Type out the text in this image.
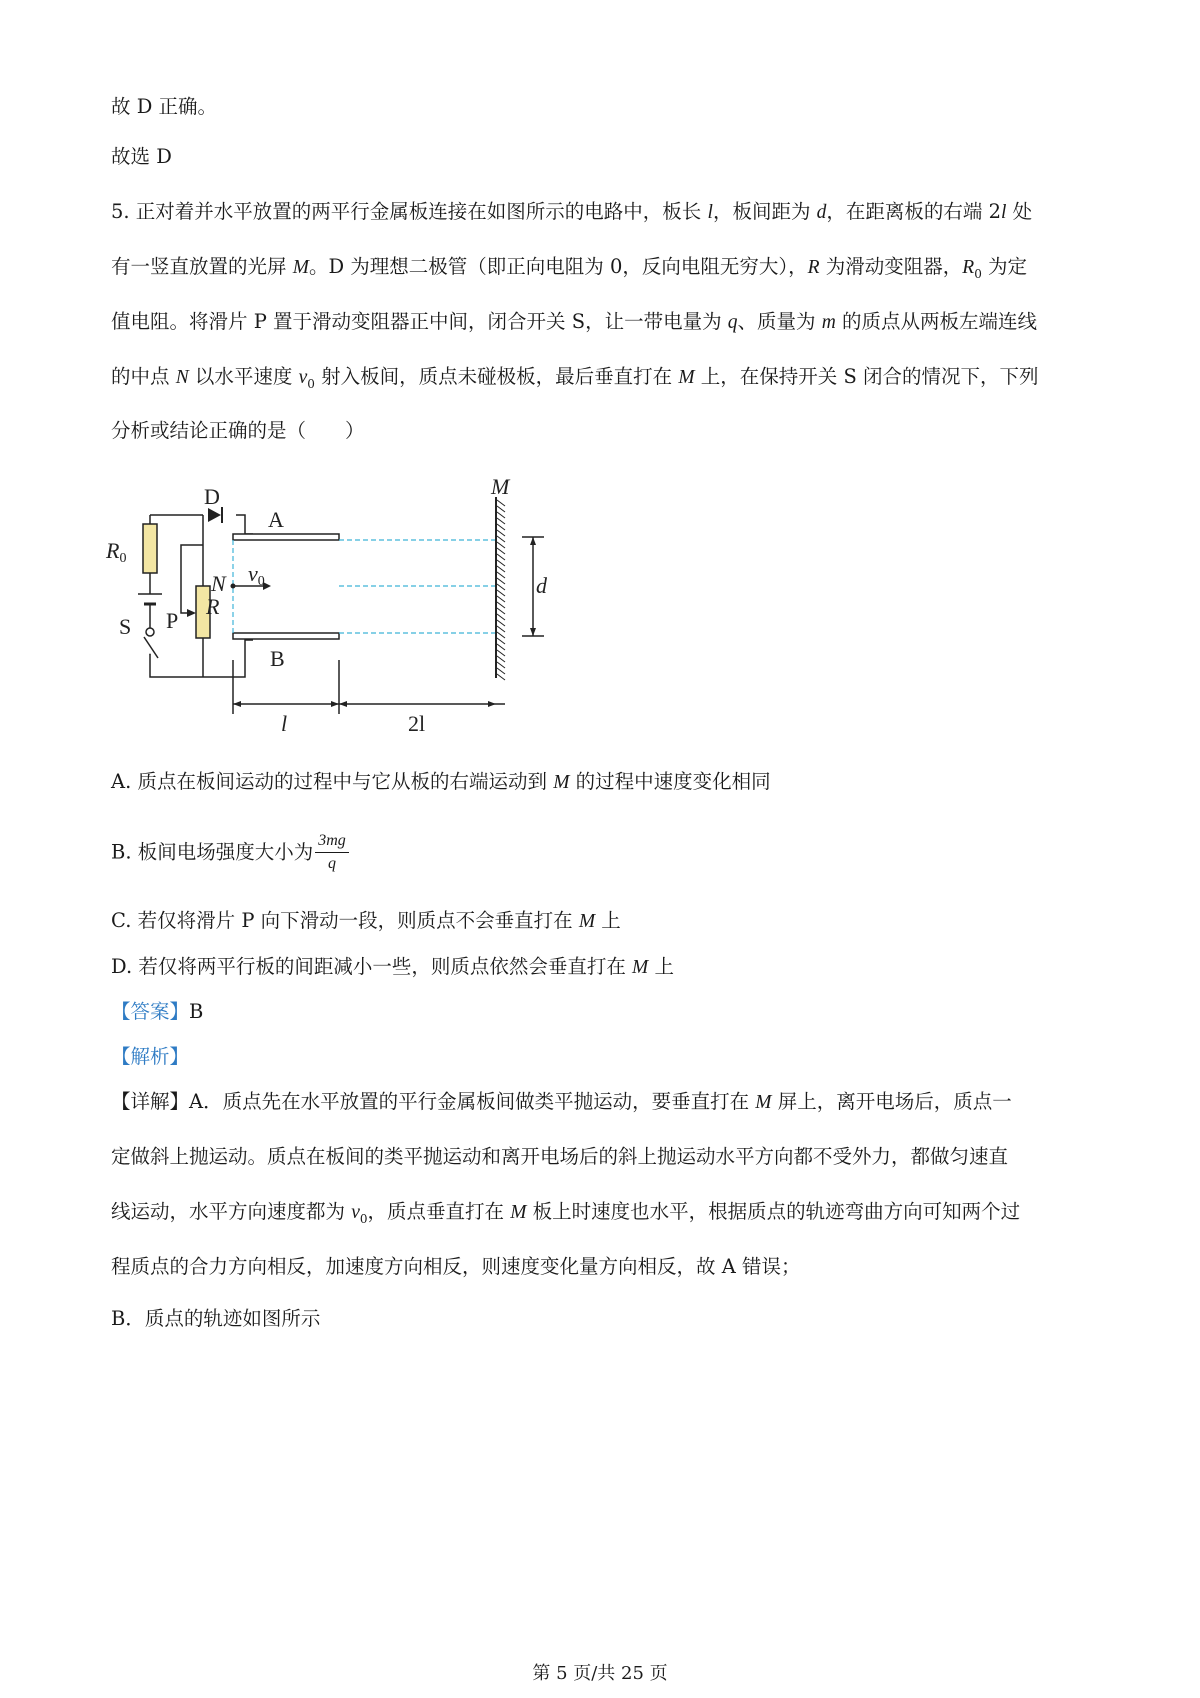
故 D 正确。
故选 D
5. 正对着并水平放置的两平行金属板连接在如图所示的电路中，板长 l，板间距为 d，在距离板的右端 2l 处
有一竖直放置的光屏 M。D 为理想二极管（即正向电阻为 0，反向电阻无穷大），R 为滑动变阻器，$R_0$ 为定
值电阻。将滑片 P 置于滑动变阻器正中间，闭合开关 S，让一带电量为 q、质量为 m 的质点从两板左端连线
的中点 N 以水平速度 $v_0$ 射入板间，质点未碰极板，最后垂直打在 M 上，在保持开关 S 闭合的情况下，下列
分析或结论正确的是（　　）
D
A
M
R0
v0
N
R
d
S P
B
l	2l
A. 质点在板间运动的过程中与它从板的右端运动到 M 的过程中速度变化相同
B. 板间电场强度大小为 $\frac{3mg}{q}$
C. 若仅将滑片 P 向下滑动一段，则质点不会垂直打在 M 上
D. 若仅将两平行板的间距减小一些，则质点依然会垂直打在 M 上
【答案】B
【解析】
【详解】A．质点先在水平放置的平行金属板间做类平抛运动，要垂直打在 M 屏上，离开电场后，质点一
定做斜上抛运动。质点在板间的类平抛运动和离开电场后的斜上抛运动水平方向都不受外力，都做匀速直
线运动，水平方向速度都为 $v_0$，质点垂直打在 M 板上时速度也水平，根据质点的轨迹弯曲方向可知两个过
程质点的合力方向相反，加速度方向相反，则速度变化量方向相反，故 A 错误；
B．质点的轨迹如图所示
第 5 页/共 25 页
